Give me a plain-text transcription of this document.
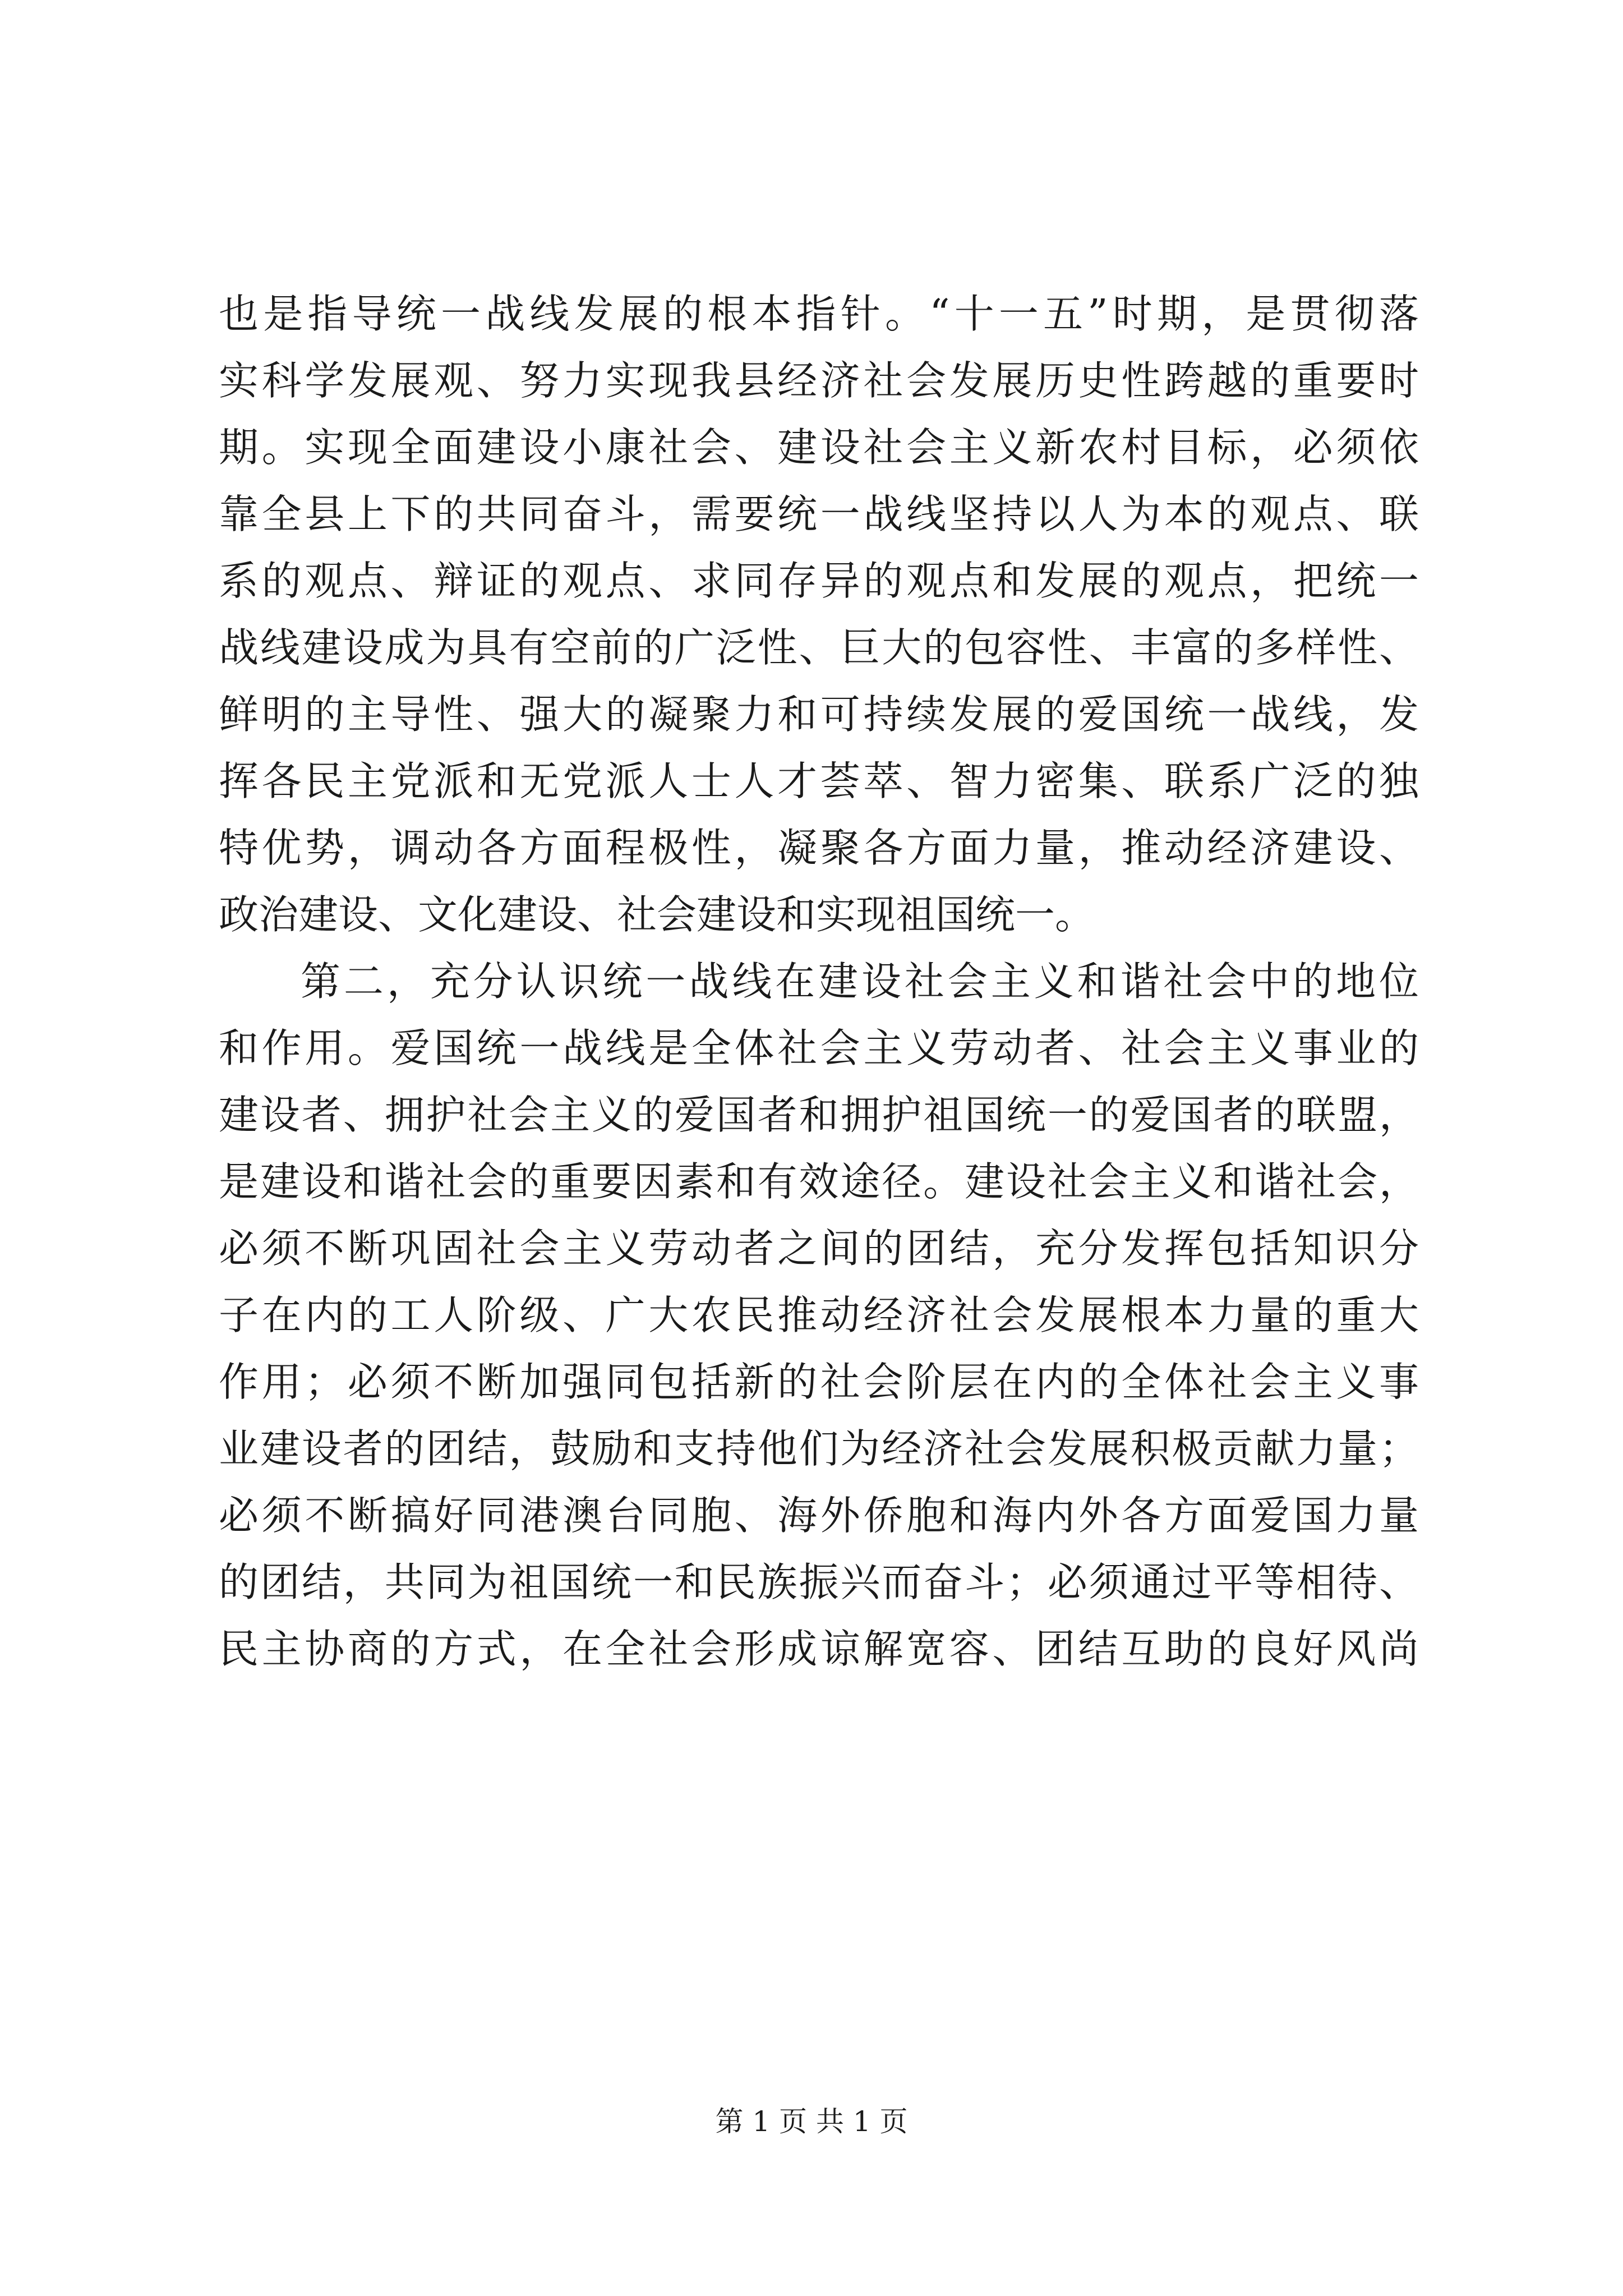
也是指导统一战线发展的根本指针。“十一五”时期，是贯彻落
实科学发展观、努力实现我县经济社会发展历史性跨越的重要时
期。实现全面建设小康社会、建设社会主义新农村目标，必须依
靠全县上下的共同奋斗，需要统一战线坚持以人为本的观点、联
系的观点、辩证的观点、求同存异的观点和发展的观点，把统一
战线建设成为具有空前的广泛性、巨大的包容性、丰富的多样性、
鲜明的主导性、强大的凝聚力和可持续发展的爱国统一战线，发
挥各民主党派和无党派人士人才荟萃、智力密集、联系广泛的独
特优势，调动各方面程极性，凝聚各方面力量，推动经济建设、
政治建设、文化建设、社会建设和实现祖国统一。
第二，充分认识统一战线在建设社会主义和谐社会中的地位
和作用。爱国统一战线是全体社会主义劳动者、社会主义事业的
建设者、拥护社会主义的爱国者和拥护祖国统一的爱国者的联盟，
是建设和谐社会的重要因素和有效途径。建设社会主义和谐社会，
必须不断巩固社会主义劳动者之间的团结，充分发挥包括知识分
子在内的工人阶级、广大农民推动经济社会发展根本力量的重大
作用；必须不断加强同包括新的社会阶层在内的全体社会主义事
业建设者的团结，鼓励和支持他们为经济社会发展积极贡献力量；
必须不断搞好同港澳台同胞、海外侨胞和海内外各方面爱国力量
的团结，共同为祖国统一和民族振兴而奋斗；必须通过平等相待、
民主协商的方式，在全社会形成谅解宽容、团结互助的良好风尚
第 1 页 共 1 页
